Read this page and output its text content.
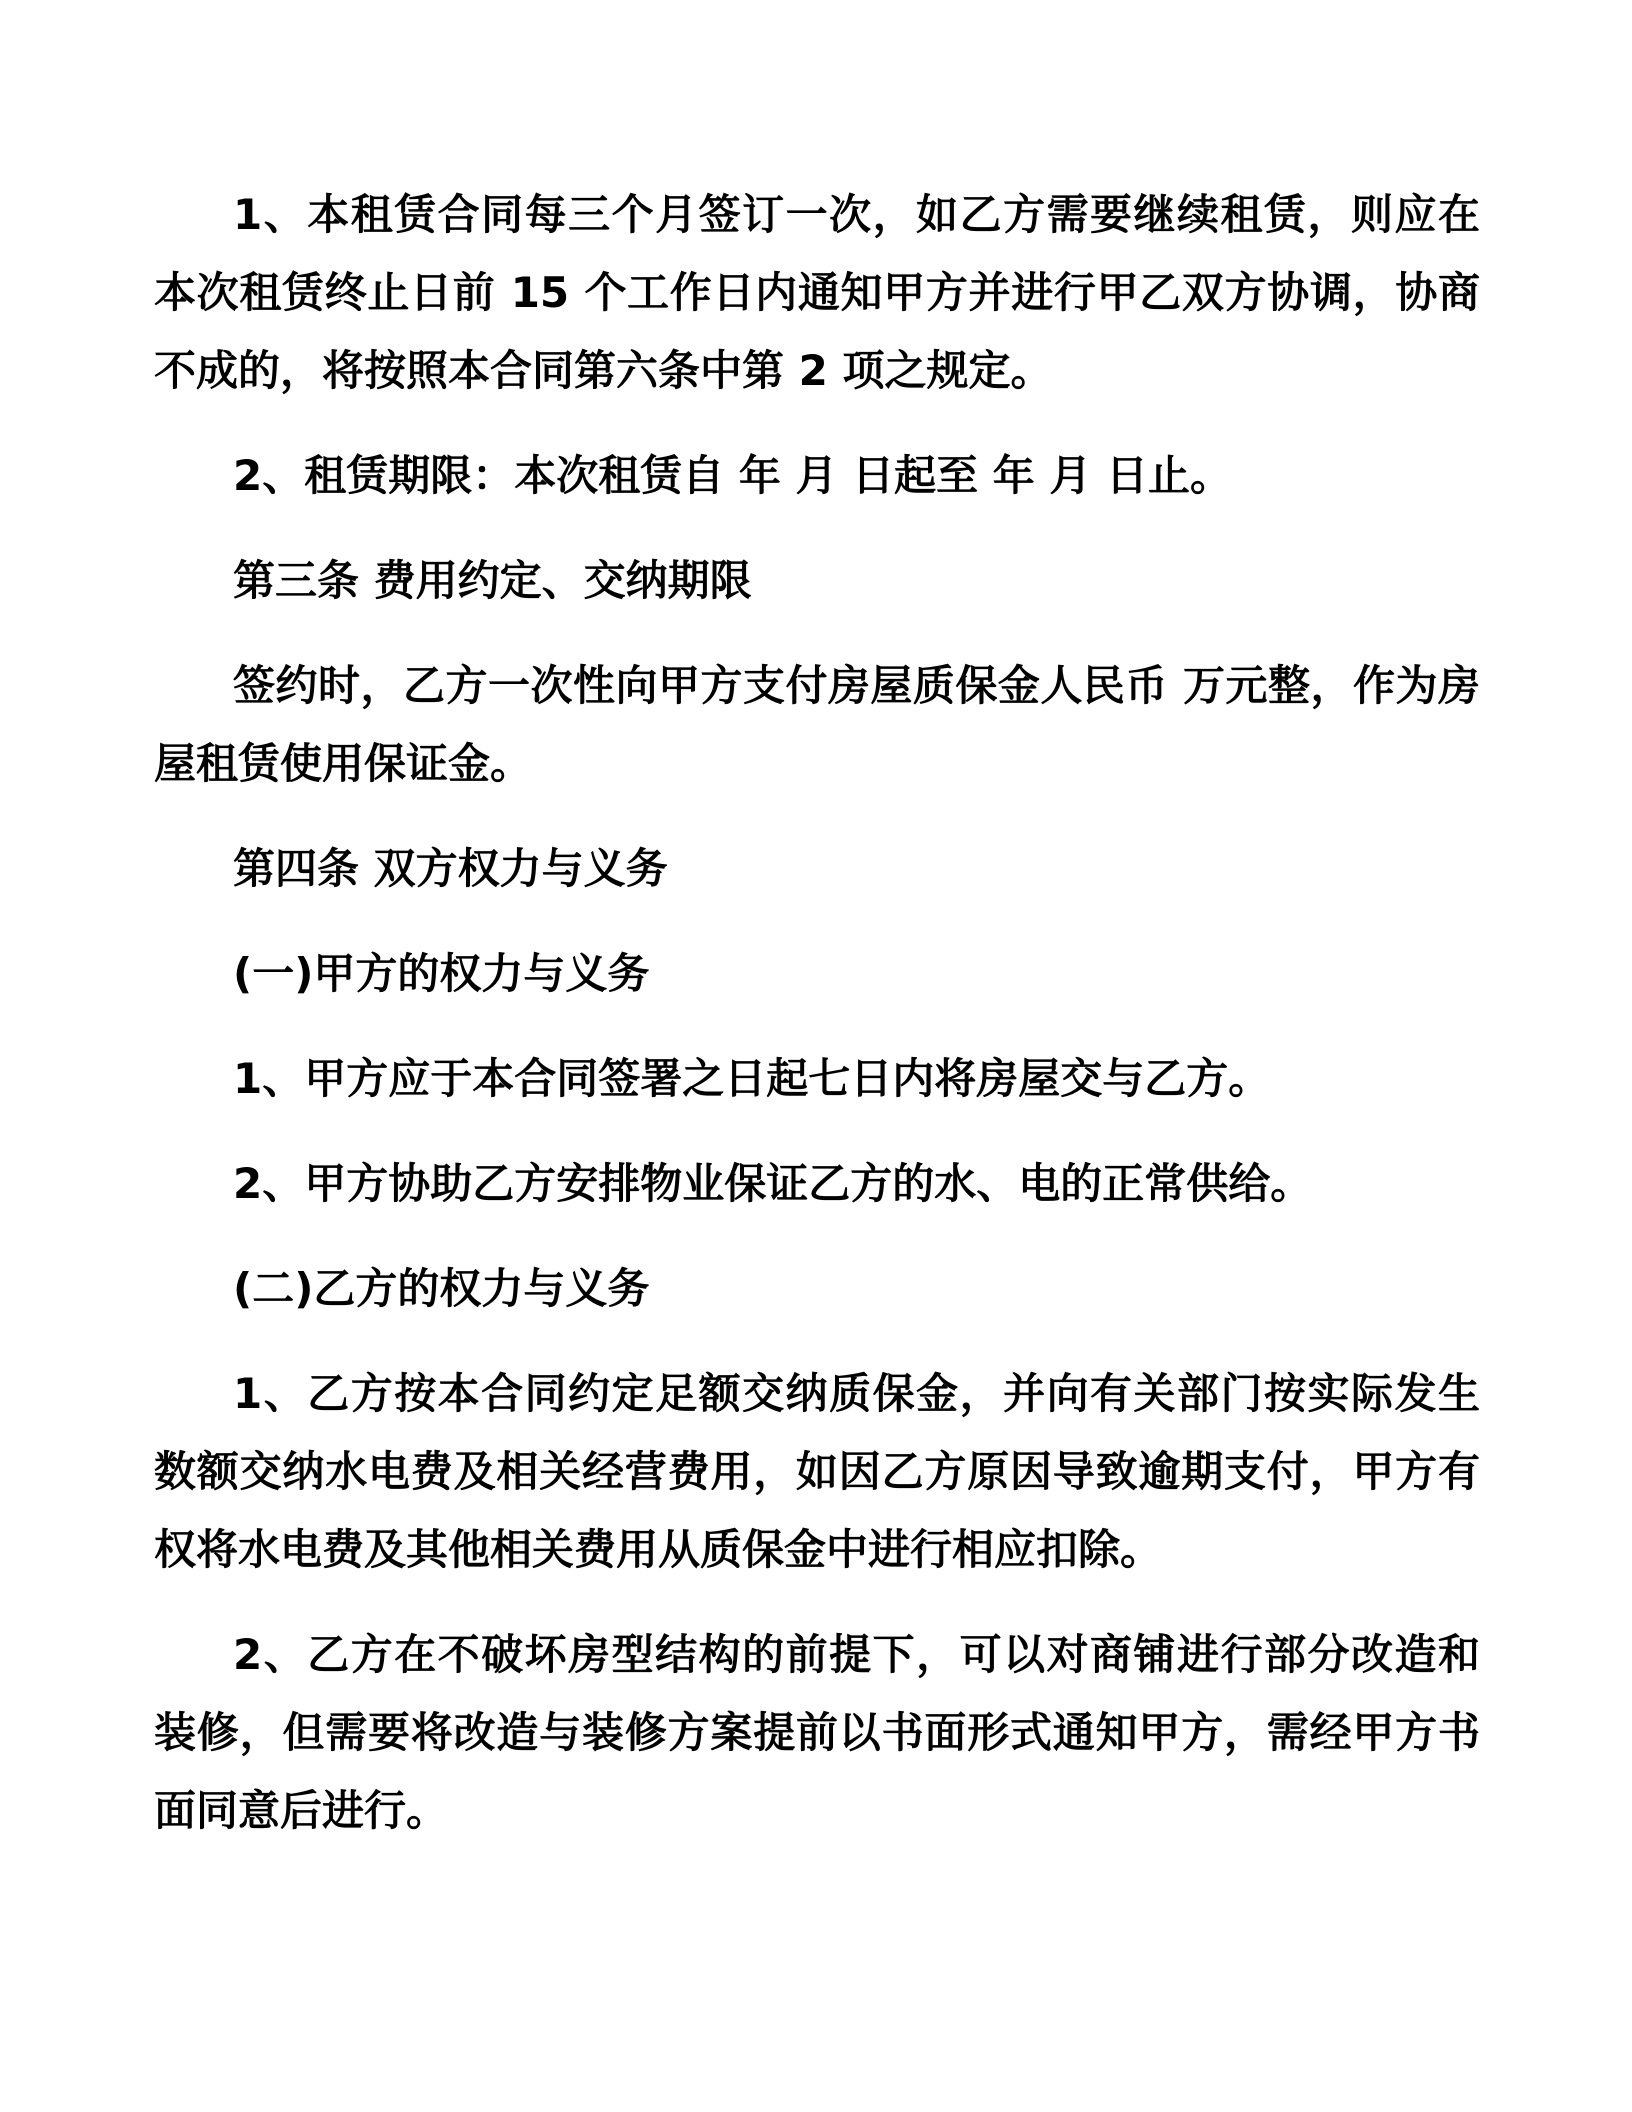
1、本租赁合同每三个月签订一次，如乙方需要继续租赁，则应在本次租赁终止日前 15 个工作日内通知甲方并进行甲乙双方协调，协商不成的，将按照本合同第六条中第 2 项之规定。

2、租赁期限：本次租赁自 年 月 日起至 年 月 日止。

第三条 费用约定、交纳期限

签约时，乙方一次性向甲方支付房屋质保金人民币 万元整，作为房屋租赁使用保证金。

第四条 双方权力与义务

(一)甲方的权力与义务

1、甲方应于本合同签署之日起七日内将房屋交与乙方。

2、甲方协助乙方安排物业保证乙方的水、电的正常供给。

(二)乙方的权力与义务

1、乙方按本合同约定足额交纳质保金，并向有关部门按实际发生数额交纳水电费及相关经营费用，如因乙方原因导致逾期支付，甲方有权将水电费及其他相关费用从质保金中进行相应扣除。

2、乙方在不破坏房型结构的前提下，可以对商铺进行部分改造和装修，但需要将改造与装修方案提前以书面形式通知甲方，需经甲方书面同意后进行。
